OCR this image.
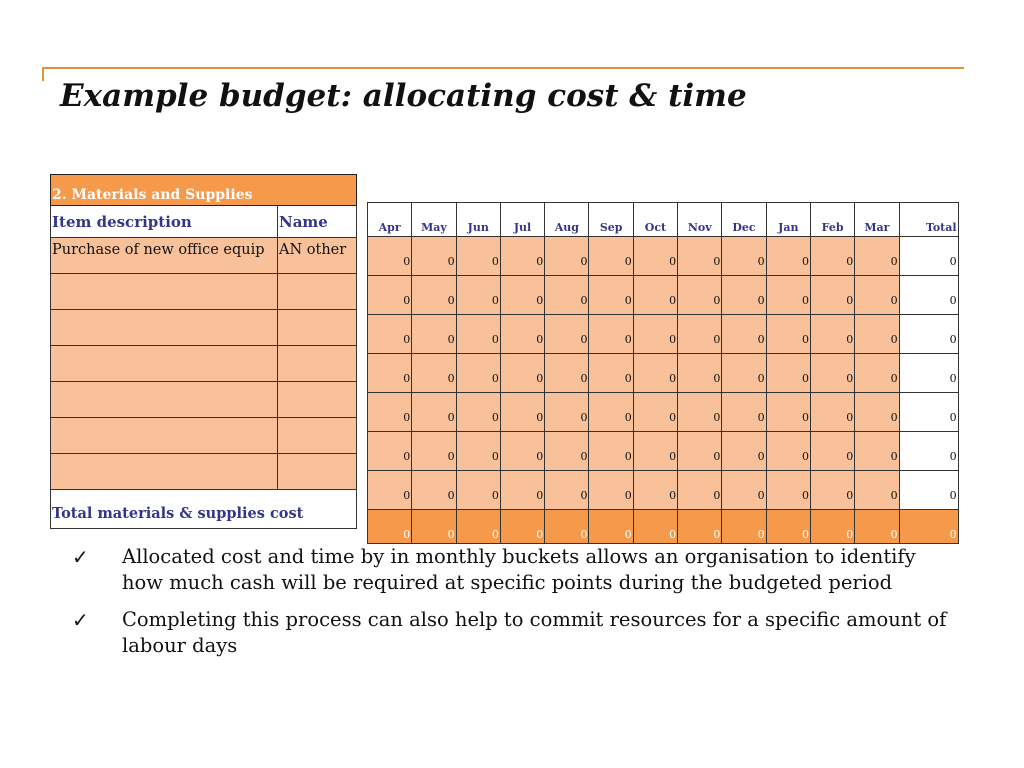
Example budget: allocating cost & time
2. Materials and Supplies	
Item description	Name
Purchase of new office equip	AN other

Total materials & supplies cost	
Apr	May	Jun	Jul	Aug	Sep	Oct	Nov	Dec	Jan	Feb	Mar	Total
0	0	0	0	0	0	0	0	0	0	0	0	0
0	0	0	0	0	0	0	0	0	0	0	0	0
0	0	0	0	0	0	0	0	0	0	0	0	0
0	0	0	0	0	0	0	0	0	0	0	0	0
0	0	0	0	0	0	0	0	0	0	0	0	0
0	0	0	0	0	0	0	0	0	0	0	0	0
0	0	0	0	0	0	0	0	0	0	0	0	0
0	0	0	0	0	0	0	0	0	0	0	0	0
✓	Allocated cost and time by in monthly buckets allows an organisation to identify how much cash will be required at specific points during the budgeted period
✓	Completing this process can also help to commit resources for a specific amount of labour days
